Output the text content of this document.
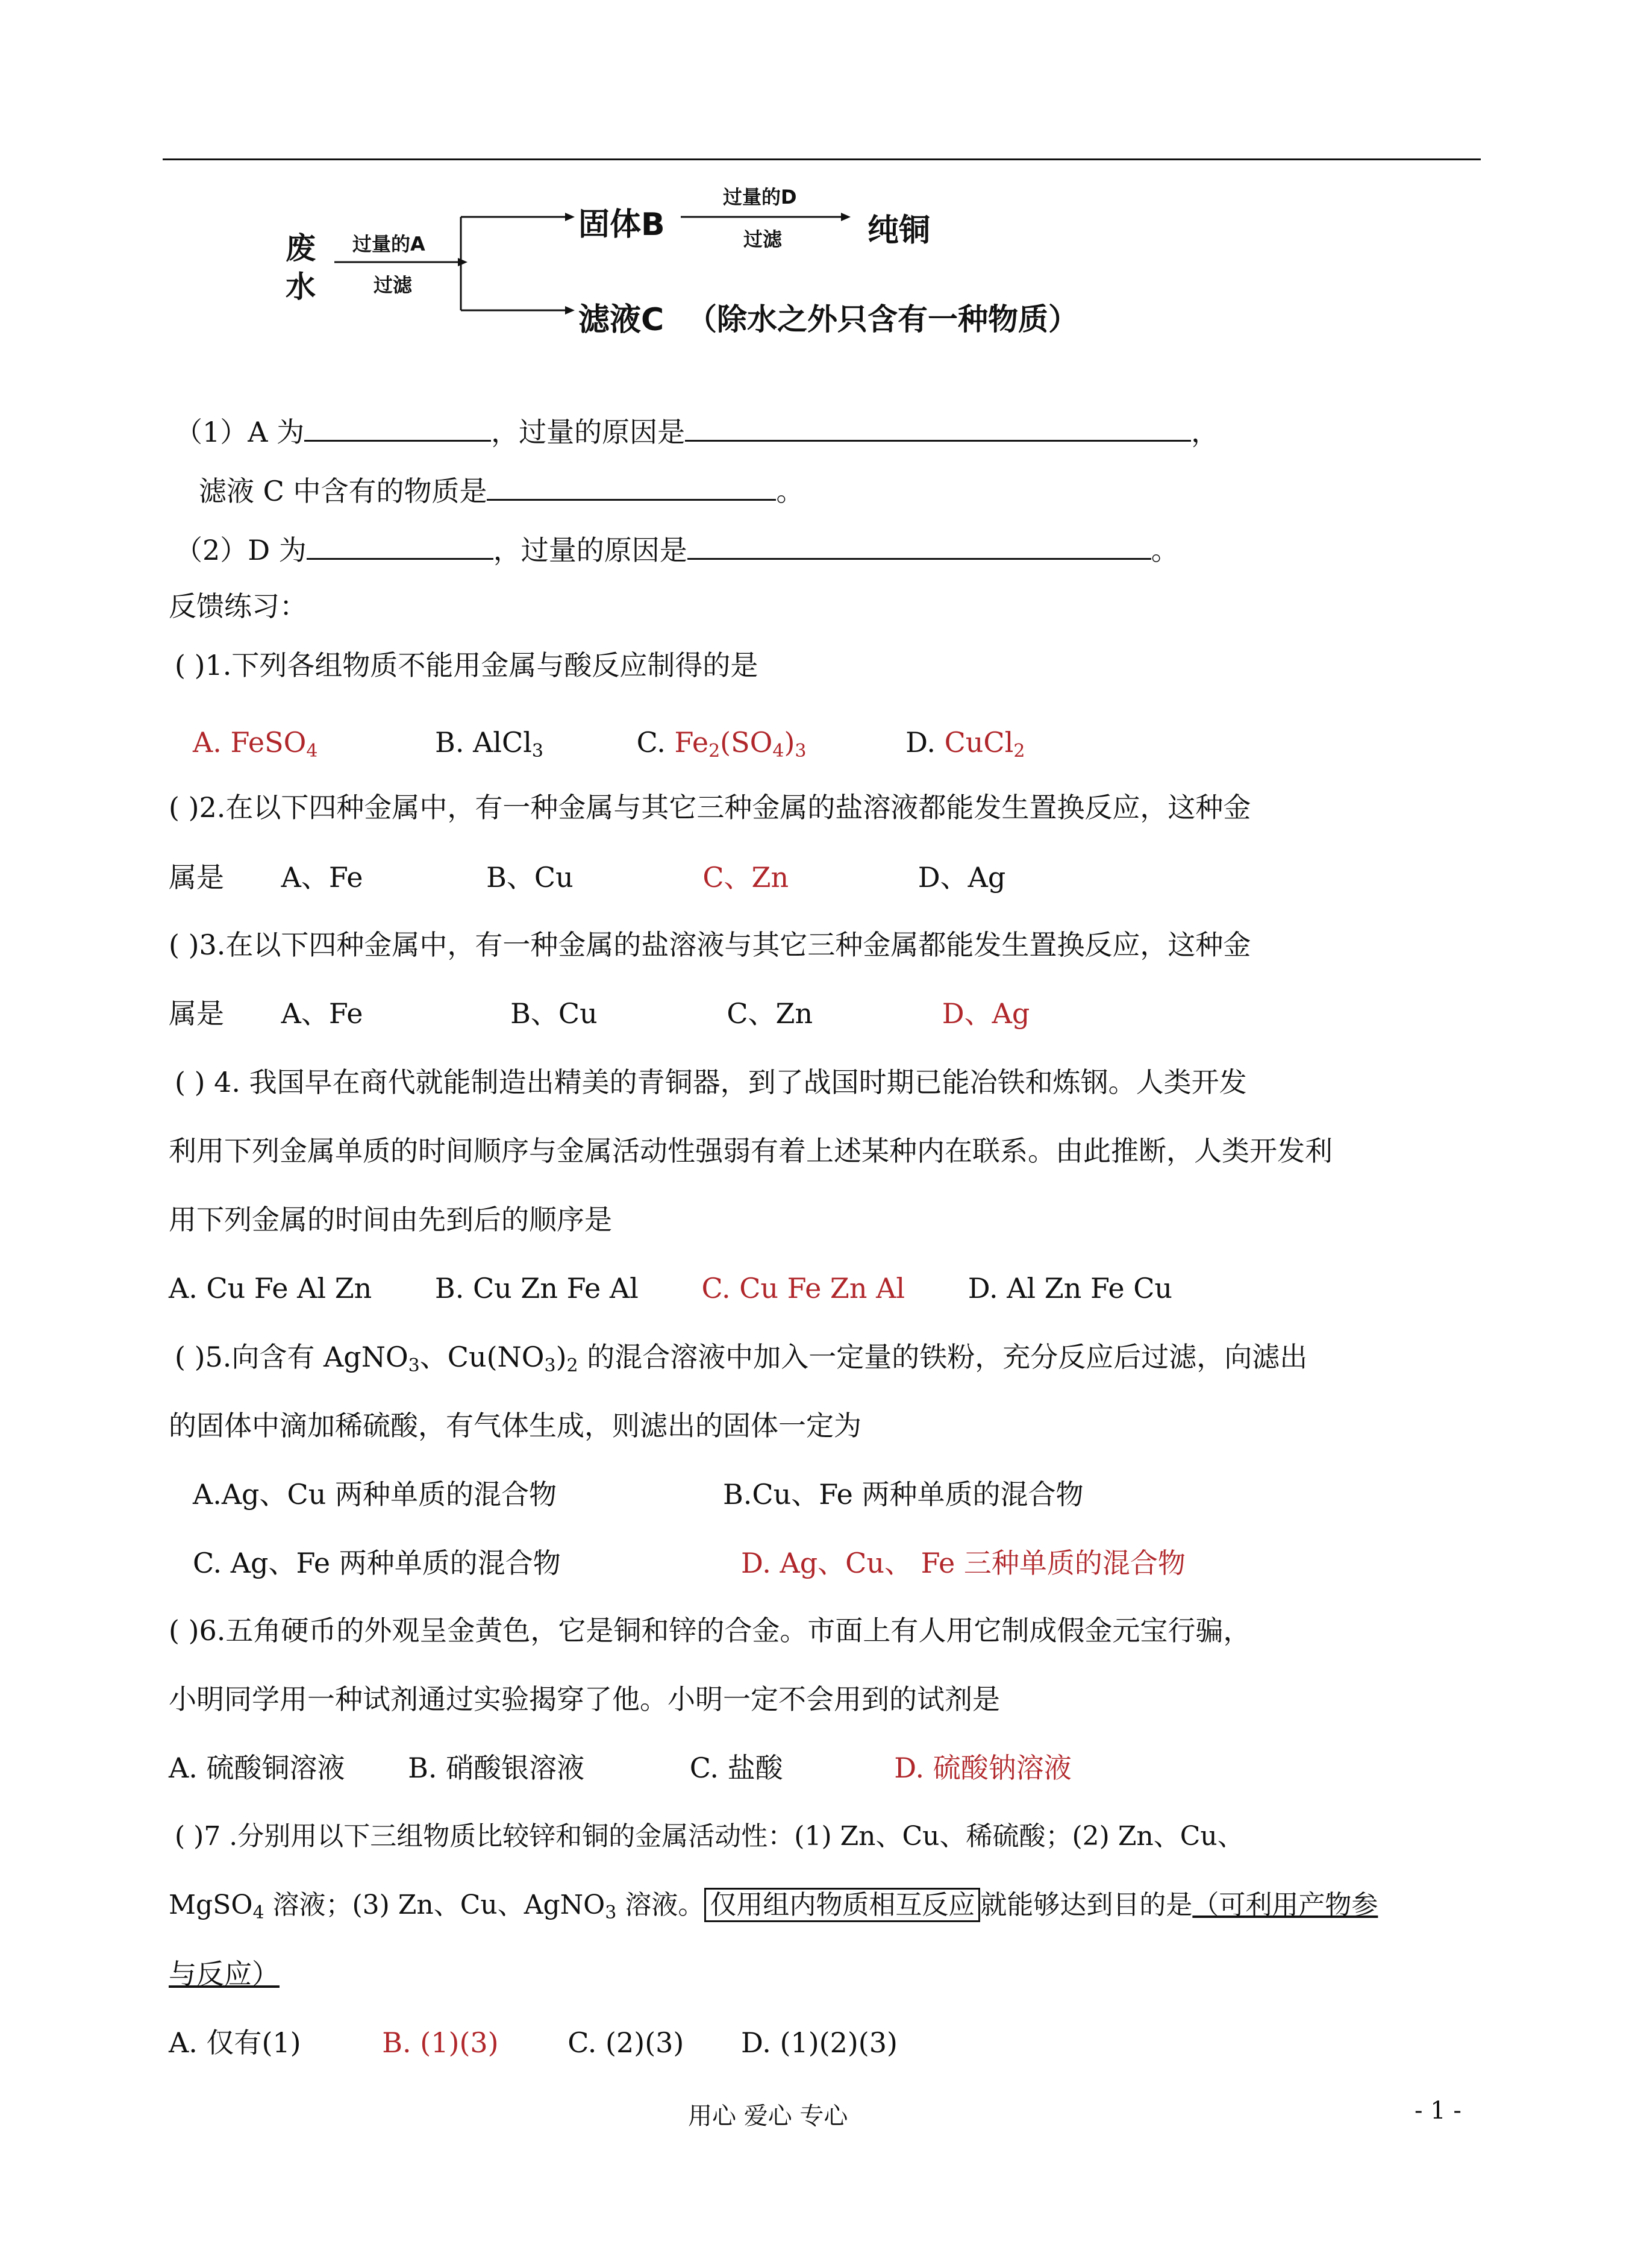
废
水
过量的A
过滤
固体B
过量的D
过滤	纯铜
滤液C （除水之外只含有一种物质）
（1）A 为	，过量的原因是	，
滤液 C 中含有的物质是	。
（2）D 为	，过量的原因是	。
反馈练习：
( )1.下列各组物质不能用金属与酸反应制得的是
A. FeSO$_4$	B. AlCl$_3$	C. $Fe_2(SO_4)_3$	D. CuCl$_2$
( )2.在以下四种金属中，有一种金属与其它三种金属的盐溶液都能发生置换反应，这种金
属是 A、Fe	B、Cu	C、Zn	D、Ag
( )3.在以下四种金属中，有一种金属的盐溶液与其它三种金属都能发生置换反应，这种金
属是 A、Fe	B、Cu	C、Zn	D、Ag
( ) 4. 我国早在商代就能制造出精美的青铜器，到了战国时期已能冶铁和炼钢。人类开发
利用下列金属单质的时间顺序与金属活动性强弱有着上述某种内在联系。由此推断，人类开发利
用下列金属的时间由先到后的顺序是
A. Cu Fe Al Zn B. Cu Zn Fe Al C. Cu Fe Zn Al D. Al Zn Fe Cu
( )5.向含有 AgNO$_3$、$Cu(NO_3)_2$ 的混合溶液中加入一定量的铁粉，充分反应后过滤，向滤出
的固体中滴加稀硫酸，有气体生成，则滤出的固体一定为
A.Ag、Cu 两种单质的混合物	B.Cu、Fe 两种单质的混合物
C. Ag、Fe 两种单质的混合物	D. Ag、Cu、 Fe 三种单质的混合物
( )6.五角硬币的外观呈金黄色，它是铜和锌的合金。市面上有人用它制成假金元宝行骗，
小明同学用一种试剂通过实验揭穿了他。小明一定不会用到的试剂是
A. 硫酸铜溶液 B. 硝酸银溶液	C. 盐酸	D. 硫酸钠溶液
( )7 .分别用以下三组物质比较锌和铜的金属活动性：(1) Zn、Cu、稀硫酸；(2) Zn、Cu、
MgSO$_4$ 溶液；(3) Zn、Cu、AgNO$_3$ 溶液。 仅用组内物质相互反应 就能够达到目的是（可利用产物参
与反应）
A. 仅有(1)	B. (1)(3) C. (2)(3) D. (1)(2)(3)
用心 爱心 专心	- 1 -
